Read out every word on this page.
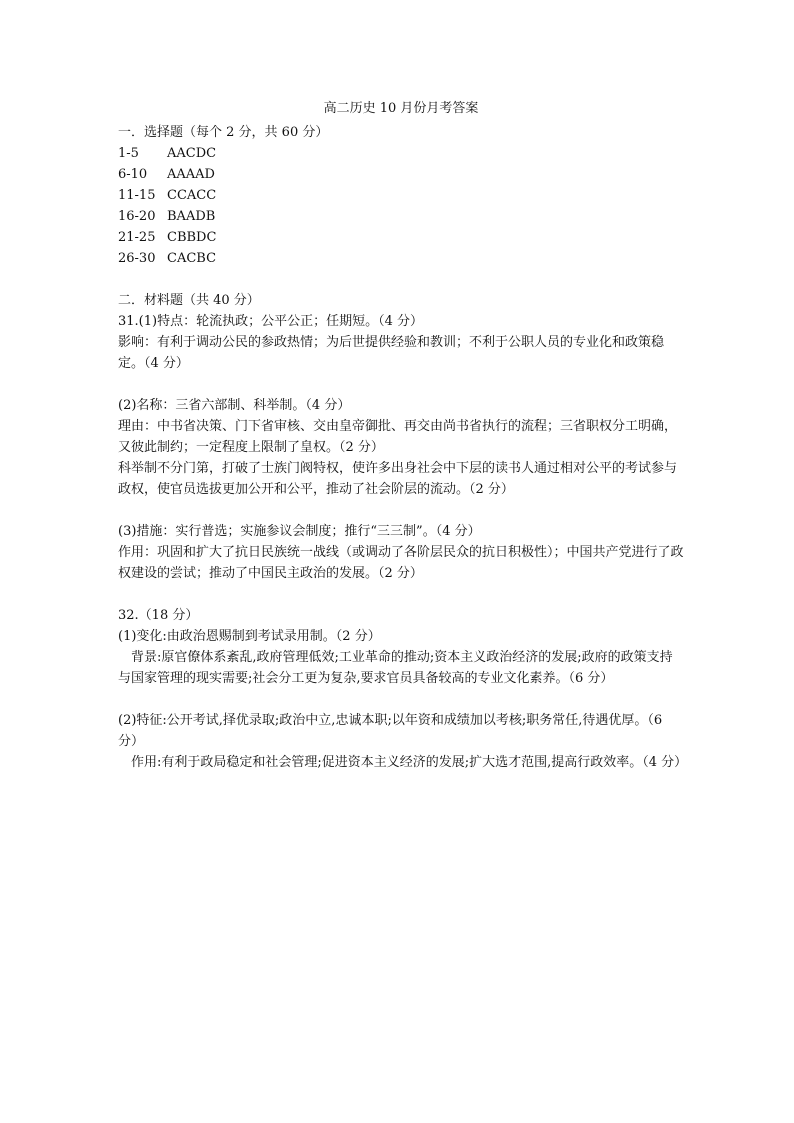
高二历史 10 月份月考答案
一．选择题（每个 2 分，共 60 分）
1-5	AACDC
6-10	AAAAD
11-15 CCACC
16-20 BAADB
21-25 CBBDC
26-30 CACBC
二．材料题（共 40 分）
31.(1)特点：轮流执政；公平公正；任期短。（4 分）
影响：有利于调动公民的参政热情；为后世提供经验和教训；不利于公职人员的专业化和政策稳定。（4 分）
(2)名称：三省六部制、科举制。（4 分）
理由：中书省决策、门下省审核、交由皇帝御批、再交由尚书省执行的流程；三省职权分工明确，又彼此制约；一定程度上限制了皇权。（2 分）
科举制不分门第，打破了士族门阀特权，使许多出身社会中下层的读书人通过相对公平的考试参与政权，使官员选拔更加公开和公平，推动了社会阶层的流动。（2 分）
(3)措施：实行普选；实施参议会制度；推行“三三制”。（4 分）
作用：巩固和扩大了抗日民族统一战线（或调动了各阶层民众的抗日积极性）；中国共产党进行了政权建设的尝试；推动了中国民主政治的发展。（2 分）
32.（18 分）
(1)变化:由政治恩赐制到考试录用制。（2 分）
背景:原官僚体系紊乱,政府管理低效;工业革命的推动;资本主义政治经济的发展;政府的政策支持与国家管理的现实需要;社会分工更为复杂,要求官员具备较高的专业文化素养。（6 分）
(2)特征:公开考试,择优录取;政治中立,忠诚本职;以年资和成绩加以考核;职务常任,待遇优厚。（6 分）
作用:有利于政局稳定和社会管理;促进资本主义经济的发展;扩大选才范围,提高行政效率。（4 分）
